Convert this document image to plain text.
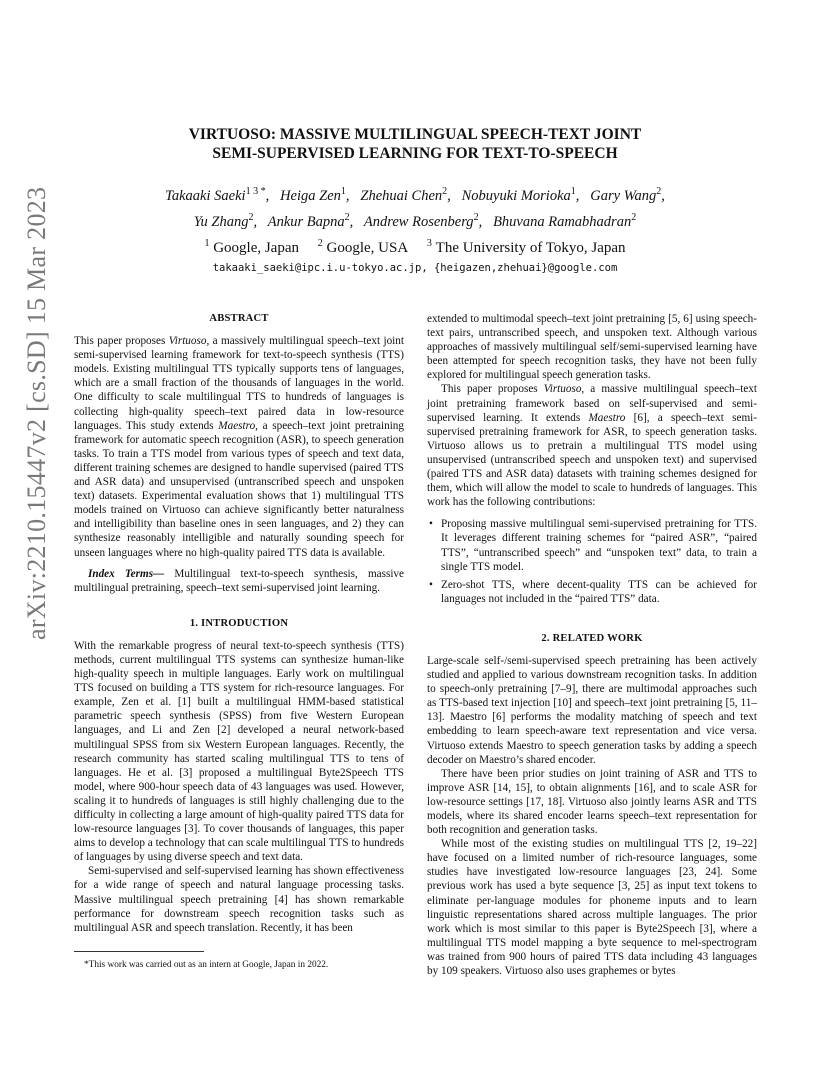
arXiv:2210.15447v2 [cs.SD] 15 Mar 2023
VIRTUOSO: MASSIVE MULTILINGUAL SPEECH-TEXT JOINT
SEMI-SUPERVISED LEARNING FOR TEXT-TO-SPEECH
Takaaki Saeki$^{1 3 *}$,   Heiga Zen$^1$,   Zhehuai Chen$^2$,   Nobuyuki Morioka$^1$,   Gary Wang$^2$,
Yu Zhang$^2$,   Ankur Bapna$^2$,   Andrew Rosenberg$^2$,   Bhuvana Ramabhadran$^2$
$^1$ Google, Japan $^2$ Google, USA $^3$ The University of Tokyo, Japan
takaaki_saeki@ipc.i.u-tokyo.ac.jp, {heigazen,zhehuai}@google.com
ABSTRACT

This paper proposes Virtuoso, a massively multilingual speech–text joint semi-supervised learning framework for text-to-speech synthesis (TTS) models. Existing multilingual TTS typically supports tens of languages, which are a small fraction of the thousands of languages in the world. One difficulty to scale multilingual TTS to hundreds of languages is collecting high-quality speech–text paired data in low-resource languages. This study extends Maestro, a speech–text joint pretraining framework for automatic speech recognition (ASR), to speech generation tasks. To train a TTS model from various types of speech and text data, different training schemes are designed to handle supervised (paired TTS and ASR data) and unsupervised (untranscribed speech and unspoken text) datasets. Experimental evaluation shows that 1) multilingual TTS models trained on Virtuoso can achieve significantly better naturalness and intelligibility than baseline ones in seen languages, and 2) they can synthesize reasonably intelligible and naturally sounding speech for unseen languages where no high-quality paired TTS data is available.

Index Terms— Multilingual text-to-speech synthesis, massive multilingual pretraining, speech–text semi-supervised joint learning.

1. INTRODUCTION

With the remarkable progress of neural text-to-speech synthesis (TTS) methods, current multilingual TTS systems can synthesize human-like high-quality speech in multiple languages. Early work on multilingual TTS focused on building a TTS system for rich-resource languages. For example, Zen et al. [1] built a multilingual HMM-based statistical parametric speech synthesis (SPSS) from five Western European languages, and Li and Zen [2] developed a neural network-based multilingual SPSS from six Western European languages. Recently, the research community has started scaling multilingual TTS to tens of languages. He et al. [3] proposed a multilingual Byte2Speech TTS model, where 900-hour speech data of 43 languages was used. However, scaling it to hundreds of languages is still highly challenging due to the difficulty in collecting a large amount of high-quality paired TTS data for low-resource languages [3]. To cover thousands of languages, this paper aims to develop a technology that can scale multilingual TTS to hundreds of languages by using diverse speech and text data.

Semi-supervised and self-supervised learning has shown effectiveness for a wide range of speech and natural language processing tasks. Massive multilingual speech pretraining [4] has shown remarkable performance for downstream speech recognition tasks such as multilingual ASR and speech translation. Recently, it has been

*This work was carried out as an intern at Google, Japan in 2022.

extended to multimodal speech–text joint pretraining [5, 6] using speech-text pairs, untranscribed speech, and unspoken text. Although various approaches of massively multilingual self/semi-supervised learning have been attempted for speech recognition tasks, they have not been fully explored for multilingual speech generation tasks.

This paper proposes Virtuoso, a massive multilingual speech–text joint pretraining framework based on self-supervised and semi-supervised learning. It extends Maestro [6], a speech–text semi-supervised pretraining framework for ASR, to speech generation tasks. Virtuoso allows us to pretrain a multilingual TTS model using unsupervised (untranscribed speech and unspoken text) and supervised (paired TTS and ASR data) datasets with training schemes designed for them, which will allow the model to scale to hundreds of languages. This work has the following contributions:

• Proposing massive multilingual semi-supervised pretraining for TTS. It leverages different training schemes for “paired ASR”, “paired TTS”, “untranscribed speech” and “unspoken text” data, to train a single TTS model.
• Zero-shot TTS, where decent-quality TTS can be achieved for languages not included in the “paired TTS” data.
2. RELATED WORK

Large-scale self-/semi-supervised speech pretraining has been actively studied and applied to various downstream recognition tasks. In addition to speech-only pretraining [7–9], there are multimodal approaches such as TTS-based text injection [10] and speech–text joint pretraining [5, 11–13]. Maestro [6] performs the modality matching of speech and text embedding to learn speech-aware text representation and vice versa. Virtuoso extends Maestro to speech generation tasks by adding a speech decoder on Maestro’s shared encoder.

There have been prior studies on joint training of ASR and TTS to improve ASR [14, 15], to obtain alignments [16], and to scale ASR for low-resource settings [17, 18]. Virtuoso also jointly learns ASR and TTS models, where its shared encoder learns speech–text representation for both recognition and generation tasks.

While most of the existing studies on multilingual TTS [2, 19–22] have focused on a limited number of rich-resource languages, some studies have investigated low-resource languages [23, 24]. Some previous work has used a byte sequence [3, 25] as input text tokens to eliminate per-language modules for phoneme inputs and to learn linguistic representations shared across multiple languages. The prior work which is most similar to this paper is Byte2Speech [3], where a multilingual TTS model mapping a byte sequence to mel-spectrogram was trained from 900 hours of paired TTS data including 43 languages by 109 speakers. Virtuoso also uses graphemes or bytes
